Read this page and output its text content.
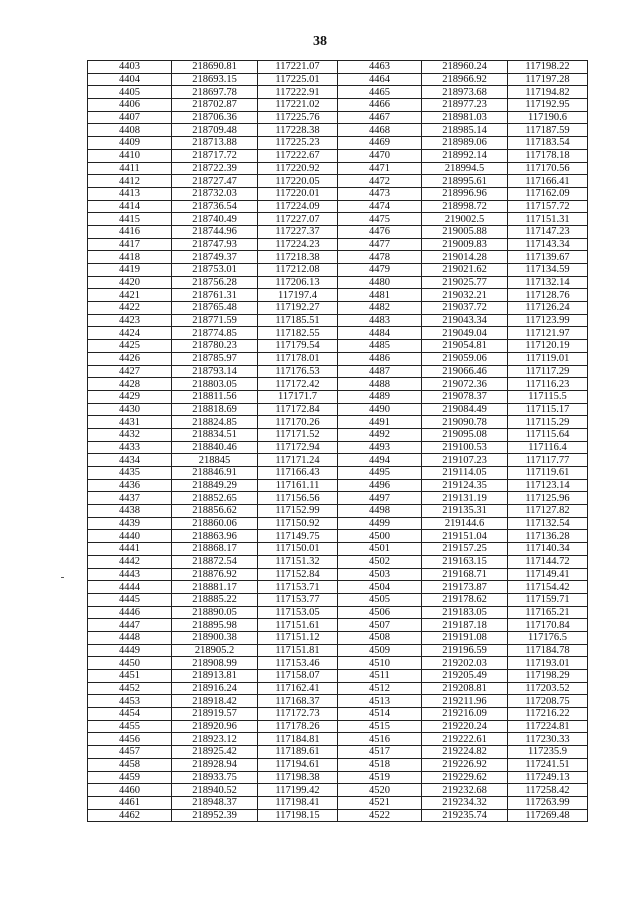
38
4403	218690.81	117221.07	4463	218960.24	117198.22
4404	218693.15	117225.01	4464	218966.92	117197.28
4405	218697.78	117222.91	4465	218973.68	117194.82
4406	218702.87	117221.02	4466	218977.23	117192.95
4407	218706.36	117225.76	4467	218981.03	117190.6
4408	218709.48	117228.38	4468	218985.14	117187.59
4409	218713.88	117225.23	4469	218989.06	117183.54
4410	218717.72	117222.67	4470	218992.14	117178.18
4411	218722.39	117220.92	4471	218994.5	117170.56
4412	218727.47	117220.05	4472	218995.61	117166.41
4413	218732.03	117220.01	4473	218996.96	117162.09
4414	218736.54	117224.09	4474	218998.72	117157.72
4415	218740.49	117227.07	4475	219002.5	117151.31
4416	218744.96	117227.37	4476	219005.88	117147.23
4417	218747.93	117224.23	4477	219009.83	117143.34
4418	218749.37	117218.38	4478	219014.28	117139.67
4419	218753.01	117212.08	4479	219021.62	117134.59
4420	218756.28	117206.13	4480	219025.77	117132.14
4421	218761.31	117197.4	4481	219032.21	117128.76
4422	218765.48	117192.27	4482	219037.72	117126.24
4423	218771.59	117185.51	4483	219043.34	117123.99
4424	218774.85	117182.55	4484	219049.04	117121.97
4425	218780.23	117179.54	4485	219054.81	117120.19
4426	218785.97	117178.01	4486	219059.06	117119.01
4427	218793.14	117176.53	4487	219066.46	117117.29
4428	218803.05	117172.42	4488	219072.36	117116.23
4429	218811.56	117171.7	4489	219078.37	117115.5
4430	218818.69	117172.84	4490	219084.49	117115.17
4431	218824.85	117170.26	4491	219090.78	117115.29
4432	218834.51	117171.52	4492	219095.08	117115.64
4433	218840.46	117172.94	4493	219100.53	117116.4
4434	218845	117171.24	4494	219107.23	117117.77
4435	218846.91	117166.43	4495	219114.05	117119.61
4436	218849.29	117161.11	4496	219124.35	117123.14
4437	218852.65	117156.56	4497	219131.19	117125.96
4438	218856.62	117152.99	4498	219135.31	117127.82
4439	218860.06	117150.92	4499	219144.6	117132.54
4440	218863.96	117149.75	4500	219151.04	117136.28
4441	218868.17	117150.01	4501	219157.25	117140.34
4442	218872.54	117151.32	4502	219163.15	117144.72
4443	218876.92	117152.84	4503	219168.71	117149.41
4444	218881.17	117153.71	4504	219173.87	117154.42
4445	218885.22	117153.77	4505	219178.62	117159.71
4446	218890.05	117153.05	4506	219183.05	117165.21
4447	218895.98	117151.61	4507	219187.18	117170.84
4448	218900.38	117151.12	4508	219191.08	117176.5
4449	218905.2	117151.81	4509	219196.59	117184.78
4450	218908.99	117153.46	4510	219202.03	117193.01
4451	218913.81	117158.07	4511	219205.49	117198.29
4452	218916.24	117162.41	4512	219208.81	117203.52
4453	218918.42	117168.37	4513	219211.96	117208.75
4454	218919.57	117172.73	4514	219216.09	117216.22
4455	218920.96	117178.26	4515	219220.24	117224.81
4456	218923.12	117184.81	4516	219222.61	117230.33
4457	218925.42	117189.61	4517	219224.82	117235.9
4458	218928.94	117194.61	4518	219226.92	117241.51
4459	218933.75	117198.38	4519	219229.62	117249.13
4460	218940.52	117199.42	4520	219232.68	117258.42
4461	218948.37	117198.41	4521	219234.32	117263.99
4462	218952.39	117198.15	4522	219235.74	117269.48
